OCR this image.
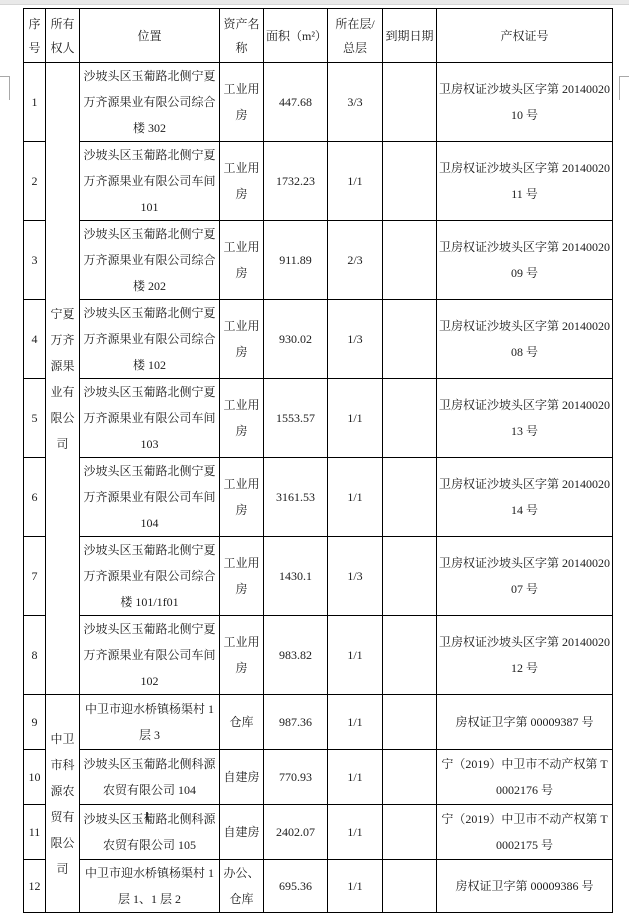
序号	所有权人	位置	资产名称	面积（m²）	所在层/总层	到期日期	产权证号
1	宁夏万齐源果业有限公司	沙坡头区玉葡路北侧宁夏万齐源果业有限公司综合楼 302	工业用房	447.68	3/3		卫房权证沙坡头区字第 2014002010 号
2		沙坡头区玉葡路北侧宁夏万齐源果业有限公司车间 101	工业用房	1732.23	1/1		卫房权证沙坡头区字第 2014002011 号
3		沙坡头区玉葡路北侧宁夏万齐源果业有限公司综合楼 202	工业用房	911.89	2/3		卫房权证沙坡头区字第 2014002009 号
4		沙坡头区玉葡路北侧宁夏万齐源果业有限公司综合楼 102	工业用房	930.02	1/3		卫房权证沙坡头区字第 2014002008 号
5		沙坡头区玉葡路北侧宁夏万齐源果业有限公司车间 103	工业用房	1553.57	1/1		卫房权证沙坡头区字第 2014002013 号
6		沙坡头区玉葡路北侧宁夏万齐源果业有限公司车间 104	工业用房	3161.53	1/1		卫房权证沙坡头区字第 2014002014 号
7		沙坡头区玉葡路北侧宁夏万齐源果业有限公司综合楼 101/1f01	工业用房	1430.1	1/3		卫房权证沙坡头区字第 2014002007 号
8		沙坡头区玉葡路北侧宁夏万齐源果业有限公司车间 102	工业用房	983.82	1/1		卫房权证沙坡头区字第 2014002012 号
9	中卫市科源农贸有限公司	中卫市迎水桥镇杨渠村 1 层 3	仓库	987.36	1/1		房权证卫字第 00009387 号
10		沙坡头区玉葡路北侧科源农贸有限公司 104	自建房	770.93	1/1		宁（2019）中卫市不动产权第 T0002176 号
11		沙坡头区玉葡路北侧科源农贸有限公司 105	自建房	2402.07	1/1		宁（2019）中卫市不动产权第 T0002175 号
12		中卫市迎水桥镇杨渠村 1 层 1、1 层 2	办公、仓库	695.36	1/1		房权证卫字第 00009386 号
